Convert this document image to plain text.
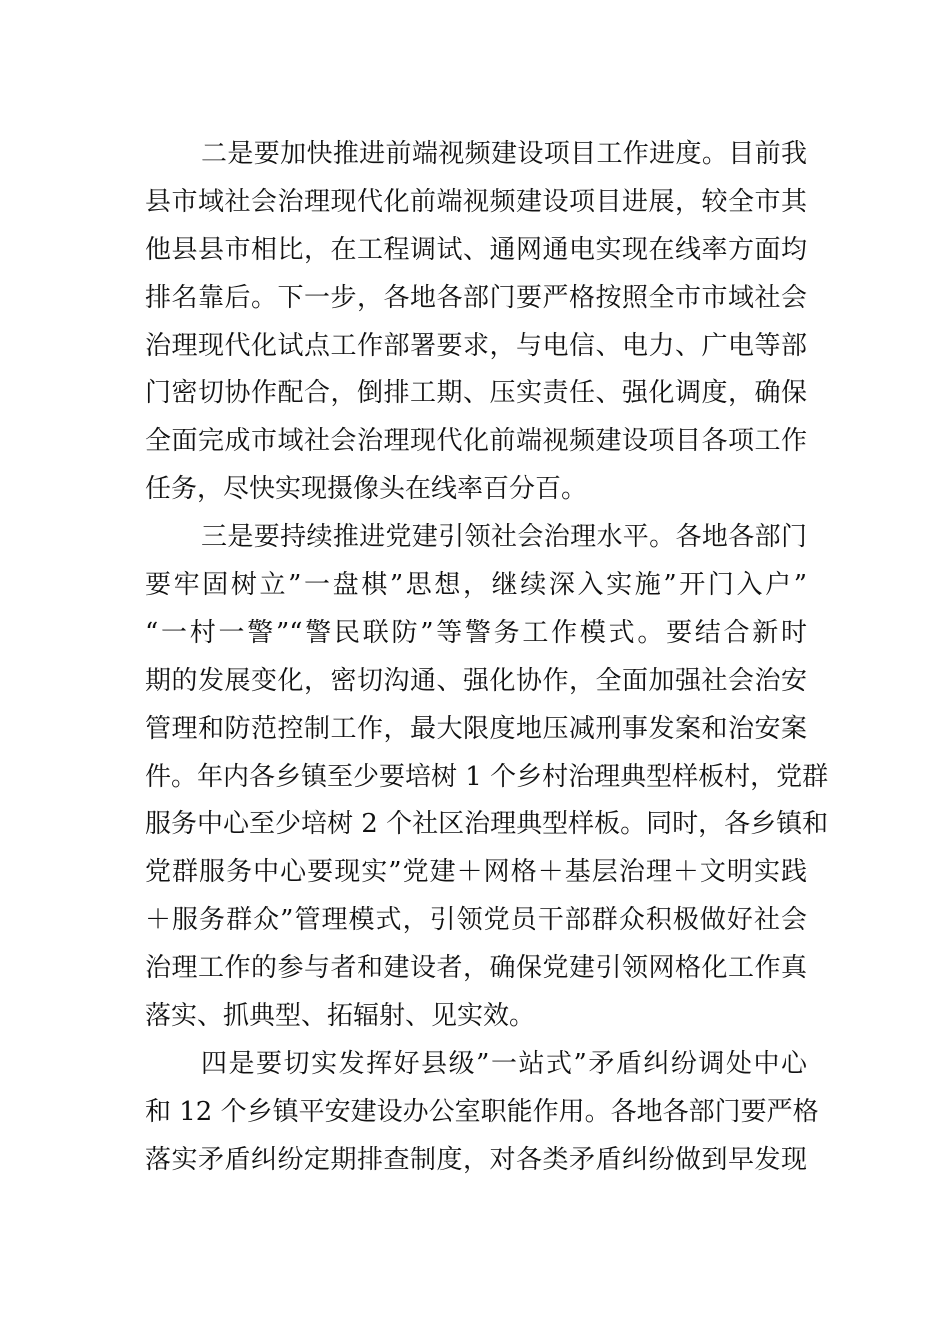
二是要加快推进前端视频建设项目工作进度。目前我
县市域社会治理现代化前端视频建设项目进展，较全市其
他县县市相比，在工程调试、通网通电实现在线率方面均
排名靠后。下一步，各地各部门要严格按照全市市域社会
治理现代化试点工作部署要求，与电信、电力、广电等部
门密切协作配合，倒排工期、压实责任、强化调度，确保
全面完成市域社会治理现代化前端视频建设项目各项工作
任务，尽快实现摄像头在线率百分百。
三是要持续推进党建引领社会治理水平。各地各部门
要牢固树立”一盘棋”思想，继续深入实施”开门入户”
“一村一警”“警民联防”等警务工作模式。要结合新时
期的发展变化，密切沟通、强化协作，全面加强社会治安
管理和防范控制工作，最大限度地压减刑事发案和治安案
件。年内各乡镇至少要培树 1 个乡村治理典型样板村，党群
服务中心至少培树 2 个社区治理典型样板。同时，各乡镇和
党群服务中心要现实”党建＋网格＋基层治理＋文明实践
＋服务群众”管理模式，引领党员干部群众积极做好社会
治理工作的参与者和建设者，确保党建引领网格化工作真
落实、抓典型、拓辐射、见实效。
四是要切实发挥好县级”一站式”矛盾纠纷调处中心
和 12 个乡镇平安建设办公室职能作用。各地各部门要严格
落实矛盾纠纷定期排查制度，对各类矛盾纠纷做到早发现
